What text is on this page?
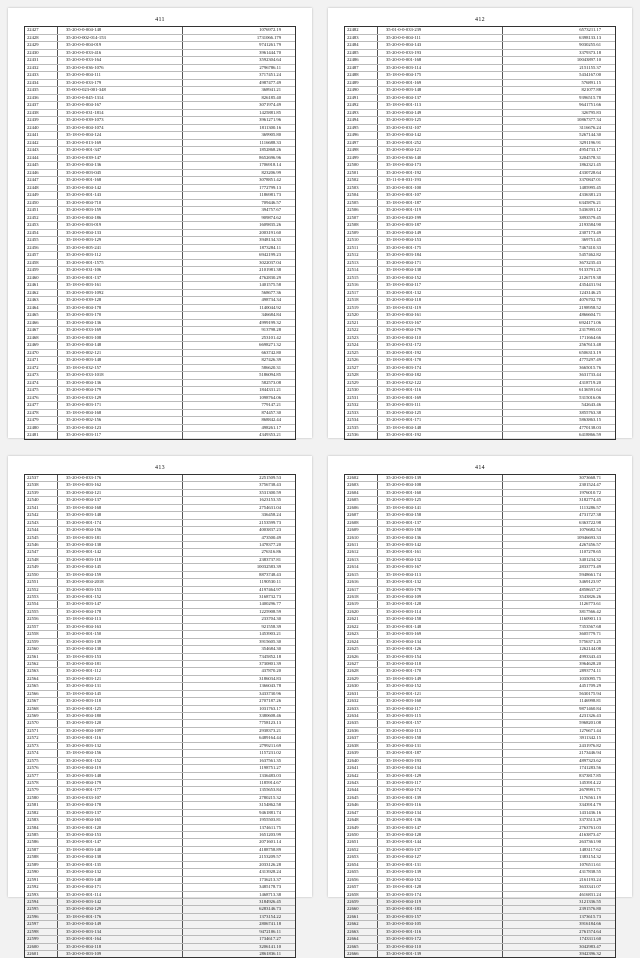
411
22427	35-20-0-0-004-148	1076972.19
22428	35-20-0-002-014-153	1731066.179
22429	35-20-0-0-004-019	9741261.79
22430	35-20-0-0-033-416	3961444.70
22431	35-20-0-0-033-164	3592304.64
22432	35-20-0-0-036-1076	2796786.11
22433	35-20-0-0-004-111	3717451.24
22434	35-20-0-0-033-179	4987477.49
22435	35-00-0-023-001-348	368941.21
22436	35-20-0-0-045-1314	826185.40
22437	35-20-0-0-004-167	3071974.49
22438	35-20-0-0-031-1814	1425881.85
22439	35-20-0-0-039-1073	3961271.96
22440	35-20-0-0-004-1074	1811300.16
22441	35-18-0-0-004-124	369905.80
22442	35-20-0-0-013-169	1116688.33
22443	35-20-0-0-001-347	1852868.26
22444	35-20-0-0-039-147	8652696.96
22445	35-20-0-0-004-136	1706918.14
22446	35-20-0-0-003-045	823206.99
22447	35-20-0-0-001-168	3078851.42
22448	35-20-0-0-004-142	1772799.13
22449	35-20-0-0-001-143	1186981.73
22450	35-20-0-0-004-710	709446.57
22451	35-20-0-0-003-159	394757.67
22452	35-20-0-0-004-186	909874.62
22453	35-20-0-0-003-019	1609835.26
22454	35-20-0-0-004-133	2003191.60
22455	35-18-0-0-003-129	3948134.33
22456	35-20-0-0-005-241	1873284.11
22457	35-20-0-0-003-112	6942199.23
22458	35-20-0-0-001-1575	3022037.04
22459	35-20-0-0-031-106	2101981.38
22460	35-20-0-0-001-137	4762830.29
22461	35-18-0-0-003-161	1401575.58
22462	35-20-0-0-003-1092	568677.36
22463	35-20-0-0-039-128	498734.34
22464	35-20-0-0-004-178	1140044.92
22465	35-20-0-0-003-170	346684.84
22466	35-20-0-0-004-136	4999199.32
22467	35-20-0-0-033-169	913798.28
22468	35-20-0-0-003-108	253101.42
22469	35-20-0-0-004-148	6698271.32
22470	35-20-0-0-002-121	663742.80
22471	35-20-0-0-003-148	827426.39
22472	35-18-0-0-032-157	586620.31
22473	35-20-0-0-033-1018	5186094.85
22474	35-20-0-0-004-136	582573.08
22475	35-20-0-0-004-179	1844331.21
22476	35-20-0-0-033-129	1098764.06
22477	35-20-0-0-003-171	779147.21
22478	35-18-0-0-004-168	874457.30
22479	35-20-0-0-002-156	868842.44
22480	35-20-0-0-004-123	498261.17
22481	35-20-0-0-003-117	4349353.21
412
22482	35-01-0-0-033-239	6573211.17
22483	35-20-0-0-004-111	6398133.13
22484	35-20-0-0-004-143	9030255.61
22485	35-20-0-0-033-193	3379373.18
22486	35-20-0-0-001-168	10043897.10
22487	35-20-0-0-003-114	2151155.37
22488	35-18-0-0-004-175	5434167.00
22489	35-20-0-0-001-169	576891.15
22490	35-20-0-0-003-148	821077.88
22491	35-20-0-0-004-137	9396515.78
22492	35-18-0-0-001-113	9641751.66
22493	35-20-0-0-004-149	326795.83
22494	35-20-0-0-003-125	10867377.34
22495	35-20-0-0-031-107	3116676.24
22496	35-20-0-0-004-142	5267144.30
22497	35-20-0-0-001-252	3291196.91
22498	35-20-0-0-004-121	4954733.17
22499	35-20-0-0-036-140	3204578.31
22500	35-18-0-0-004-173	1862321.45
22501	35-20-0-0-001-192	4330728.64
22502	35-11-0-0-031-193	3370847.01
22503	35-20-0-0-001-100	1485995.45
22504	35-20-0-0-001-107	4336381.23
22505	35-18-0-0-001-187	6345876.21
22506	35-20-0-0-001-119	5436391.12
22507	35-20-0-0-020-199	3893579.45
22508	35-20-0-0-003-187	2193584.90
22509	35-20-0-0-004-149	2307173.49
22510	35-18-0-0-004-153	369751.45
22511	35-20-0-0-001-175	7467410.33
22512	35-20-0-0-003-184	5457462.82
22513	35-20-0-0-004-171	3673235.43
22514	35-18-0-0-004-138	9133791.25
22515	35-20-0-0-004-152	2126719.38
22516	35-18-0-0-004-117	4354431.94
22517	35-20-0-0-001-132	1243146.25
22518	35-20-0-0-004-118	4076702.70
22519	35-18-0-0-031-119	2198958.52
22520	35-20-0-0-004-161	4866604.71
22521	35-20-0-0-033-167	6924171.06
22522	35-20-0-0-004-179	2317995.03
22523	35-20-0-0-004-110	1711664.66
22524	35-20-0-0-031-172	2567613.48
22525	35-20-0-0-001-192	6506313.19
22526	35-18-0-0-001-170	4775297.49
22527	35-20-0-0-003-174	3665015.76
22528	35-20-0-0-004-182	3631733.44
22529	35-20-0-0-032-122	4318719.20
22530	35-20-0-0-001-116	6136591.64
22531	35-20-0-0-001-169	5315016.06
22532	35-20-0-0-003-111	542643.46
22533	35-20-0-0-004-125	3855763.38
22534	35-20-0-0-001-171	5863863.15
22535	35-18-0-0-004-148	4770138.03
22536	35-20-0-0-001-192	6418866.59
413
22537	35-20-0-0-033-176	2251509.53
22538	35-18-0-0-003-162	3756738.43
22539	35-20-0-0-004-121	3531300.59
22540	35-20-0-0-004-137	1623153.35
22541	35-18-0-0-004-168	2754631.04
22542	35-20-0-0-003-148	336458.24
22543	35-20-0-0-001-174	2153599.73
22544	35-20-0-0-004-156	4003837.23
22545	35-18-0-0-003-181	473500.49
22546	35-20-0-0-004-138	1478377.20
22547	35-20-0-0-001-142	276316.86
22548	35-20-0-0-003-118	2383737.81
22549	35-20-0-0-004-145	10032583.39
22550	35-18-0-0-004-159	8873748.43
22551	35-20-0-0-004-2018	1190530.11
22552	35-20-0-0-003-153	4197464.97
22553	35-20-0-0-001-152	3168732.73
22554	35-20-0-0-003-147	1400296.77
22555	35-20-0-0-004-178	1225908.59
22556	35-18-0-0-004-113	233704.30
22557	35-20-0-0-004-163	921558.39
22558	35-20-0-0-001-150	1453903.21
22559	35-20-0-0-003-139	3915605.30
22560	35-20-0-0-004-138	354684.30
22561	35-18-0-0-003-153	7345852.18
22562	35-20-0-0-004-181	3730801.39
22563	35-20-0-0-001-112	437870.20
22564	35-20-0-0-003-121	3186034.83
22565	35-20-0-0-004-131	1366043.78
22566	35-18-0-0-004-145	3433730.96
22567	35-20-0-0-003-118	2707187.26
22568	35-20-0-0-001-125	1031763.17
22569	35-20-0-0-004-180	3380608.46
22570	35-20-0-0-003-120	7758123.13
22571	35-20-0-0-004-1097	2938373.21
22572	35-20-0-0-001-116	6489164.44
22573	35-20-0-0-003-132	2799211.69
22574	35-18-0-0-004-156	1157231.02
22575	35-20-0-0-001-152	1637561.35
22576	35-20-0-0-004-119	1198751.27
22577	35-20-0-0-003-148	1336483.03
22578	35-20-0-0-004-179	1185914.67
22579	35-20-0-0-001-177	1355653.84
22580	35-20-0-0-033-107	2780215.32
22581	35-20-0-0-004-178	3154862.58
22582	35-20-0-0-003-137	9461881.74
22583	35-20-0-0-004-165	1955503.81
22584	35-20-0-0-001-120	1374611.75
22585	35-20-0-0-004-153	1651203.99
22586	35-20-0-0-001-147	2071601.14
22587	35-18-0-0-003-140	4188758.89
22588	35-20-0-0-004-138	2153209.57
22589	35-20-0-0-001-135	2033126.28
22590	35-20-0-0-004-132	4313928.24
22591	35-20-0-0-003-148	1736213.37
22592	35-20-0-0-004-171	3485178.73
22593	35-20-0-0-001-114	1468713.38
22594	35-20-0-0-003-142	3184926.45
22595	35-20-0-0-004-129	6283146.73
22596	35-18-0-0-001-176	1373154.22
22597	35-20-0-0-004-149	2806741.18
22598	35-20-0-0-003-134	9472106.11
22599	35-20-0-0-001-164	1734617.27
22600	35-20-0-0-004-118	3206141.10
22601	35-20-0-0-003-109	2861836.11
414
22602	35-20-0-0-003-139	3073668.71
22603	35-20-0-0-004-108	2301524.47
22604	35-20-0-0-001-160	1976010.72
22605	35-20-0-0-003-125	3182774.45
22606	35-18-0-0-004-141	1113286.57
22607	35-20-0-0-004-158	4731727.38
22608	35-20-0-0-001-137	6363722.98
22609	35-20-0-0-003-158	1076682.54
22610	35-20-0-0-004-136	10946693.33
22611	35-20-0-0-003-142	4267456.57
22612	35-20-0-0-001-161	1107278.65
22613	35-20-0-0-004-132	3401234.32
22614	35-20-0-0-003-167	2833773.49
22615	35-18-0-0-004-113	5948661.74
22616	35-20-0-0-001-132	3469123.97
22617	35-20-0-0-003-178	4858637.27
22618	35-20-0-0-004-109	3543826.26
22619	35-20-0-0-001-128	1126773.61
22620	35-20-0-0-003-114	3817566.42
22621	35-20-0-0-004-158	1160901.13
22622	35-20-0-0-001-148	7353567.68
22623	35-20-0-0-003-169	3605779.71
22624	35-20-0-0-004-134	5756371.25
22625	35-20-0-0-001-126	1262144.08
22626	35-20-0-0-003-154	4993343.43
22627	35-20-0-0-004-118	3964628.20
22628	35-20-0-0-001-170	2893774.11
22629	35-18-0-0-003-149	1035095.75
22630	35-20-0-0-004-152	4451709.29
22631	35-20-0-0-001-121	5630175.94
22632	35-20-0-0-003-160	1146998.81
22633	35-20-0-0-004-117	9871460.84
22634	35-20-0-0-003-115	4231326.43
22635	35-20-0-0-001-157	5968201.08
22636	35-20-0-0-004-113	1276671.44
22637	35-20-0-0-003-158	3911342.15
22638	35-20-0-0-004-131	2431976.82
22639	35-20-0-0-001-187	2173446.94
22640	35-18-0-0-003-193	4897323.62
22641	35-20-0-0-004-134	1741283.56
22642	35-20-0-0-001-129	8373817.85
22643	35-20-0-0-003-117	1453914.22
22644	35-20-0-0-004-174	2678991.71
22645	35-20-0-0-001-139	1176561.19
22646	35-20-0-0-003-116	3343914.79
22647	35-20-0-0-004-134	1431436.16
22648	35-20-0-0-001-136	3373513.29
22649	35-20-0-0-003-147	2763761.03
22650	35-20-0-0-004-128	4163873.47
22651	35-20-0-0-001-144	2637361.90
22652	35-20-0-0-003-137	1483117.62
22653	35-20-0-0-004-127	1383154.32
22654	35-20-0-0-001-131	1076511.61
22655	35-20-0-0-003-139	4317838.55
22656	35-20-0-0-004-152	2161193.24
22657	35-18-0-0-001-128	3633341.07
22658	35-20-0-0-003-174	4616831.24
22659	35-20-0-0-004-119	3121336.55
22660	35-20-0-0-001-183	2391576.80
22661	35-20-0-0-003-157	1373615.73
22662	35-20-0-0-004-105	3916184.66
22663	35-20-0-0-001-116	2761574.64
22664	35-20-0-0-003-172	1743311.60
22665	35-20-0-0-004-110	3042983.47
22666	35-20-0-0-001-139	3942396.32
